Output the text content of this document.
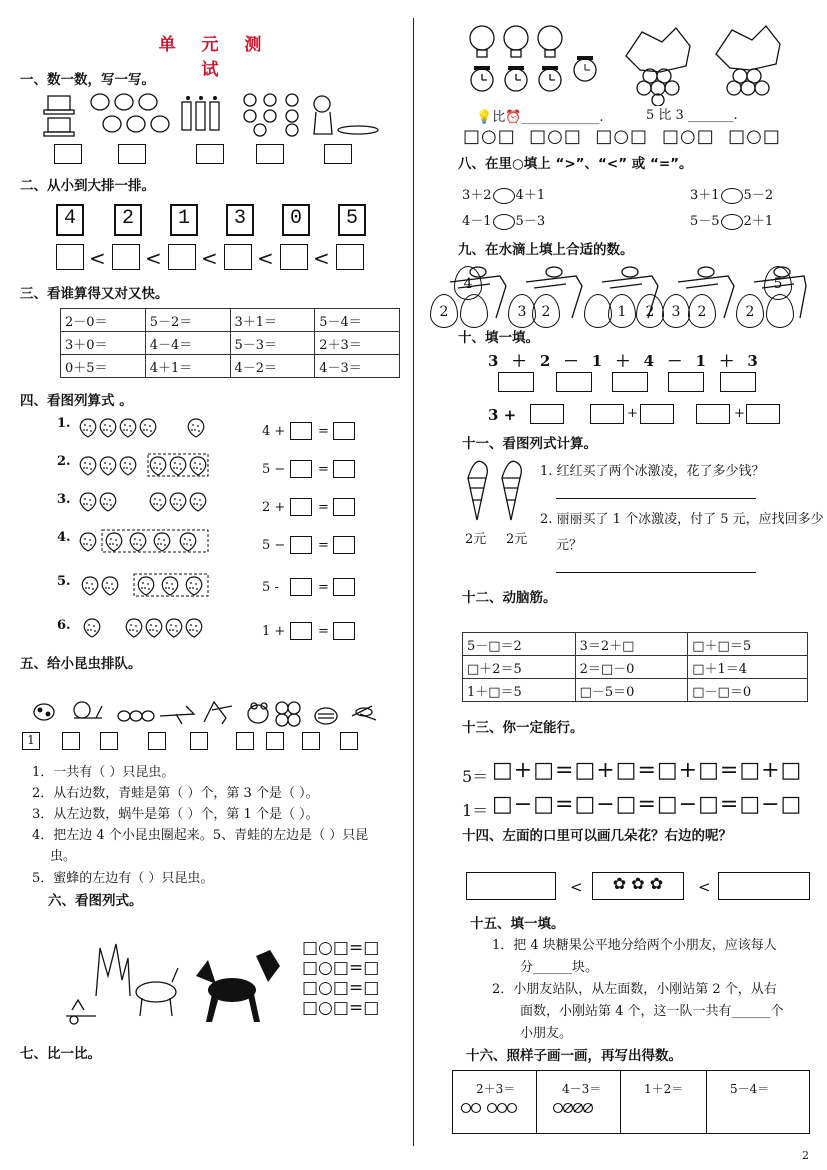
单 元 测 试
一、数一数，写一写。
二、从小到大排一排。
4	2	1	3	0	5
< < < < <
三、看谁算得又对又快。
2－0＝	5－2＝	3＋1＝	5－4＝
3＋0＝	4－4＝	5－3＝	2＋3＝
0＋5＝	4＋1＝	4－2＝	4－3＝
四、看图列算式 。
1.
4 +	=
2.
5 −	=
3.
2 +	=
4.
5 −	=
5.	5 ‐	=
6.	1 +	=
五、给小昆虫排队。
1
1．一共有（ ）只昆虫。
2．从右边数，青蛙是第（ ）个，第 3 个是（ ）。
3．从左边数，蜗牛是第（ ）个，第 1 个是（ ）。
4．把左边 4 个小昆虫圈起来。5、青蛙的左边是（ ）只昆
虫。
5．蜜蜂的左边有（ ）只昆虫。
六、看图列式。
□○□=□
□○□=□
□○□=□
□○□=□
七、比一比。
💡比⏰____________.	5 比 3 _______.
□○□  □○□  □○□ □○□  □○□
八、在里○填上 “>”、“<” 或 “=”。
3＋2 4＋1	3＋1 5－2
4－1 5－3	5－5 2＋1
九、在水滴上填上合适的数。
4
2	3	2	1	2	3	2	2
5
十、填一填。
3 ＋ 2 － 1 ＋ 4 － 1 ＋ 3
3 +	+	+
十一、看图列式计算。
2元 2元
1. 红红买了两个冰激凌，花了多少钱？
2. 丽丽买了 1 个冰激凌，付了 5 元，应找回多少
元？
十二、动脑筋。
5－□＝2	3＝2＋□	□＋□＝5
□＋2＝5	2＝□－0	□＋1＝4
1＋□＝5	□－5＝0	□－□＝0
十三、你一定能行。
5＝ □+□=□+□=□+□=□+□
1＝ □−□=□−□=□−□=□−□
十四、左面的口里可以画几朵花？右边的呢？
<	✿ ✿ ✿	<
十五、填一填。
1．把 4 块糖果公平地分给两个小朋友，应该每人
分______块。
2．小朋友站队，从左面数，小刚站第 2 个，从右
面数，小刚站第 4 个，这一队一共有______个
小朋友。
十六、照样子画一画，再写出得数。
2＋3＝	4－3＝	1＋2＝	5－4＝
2
